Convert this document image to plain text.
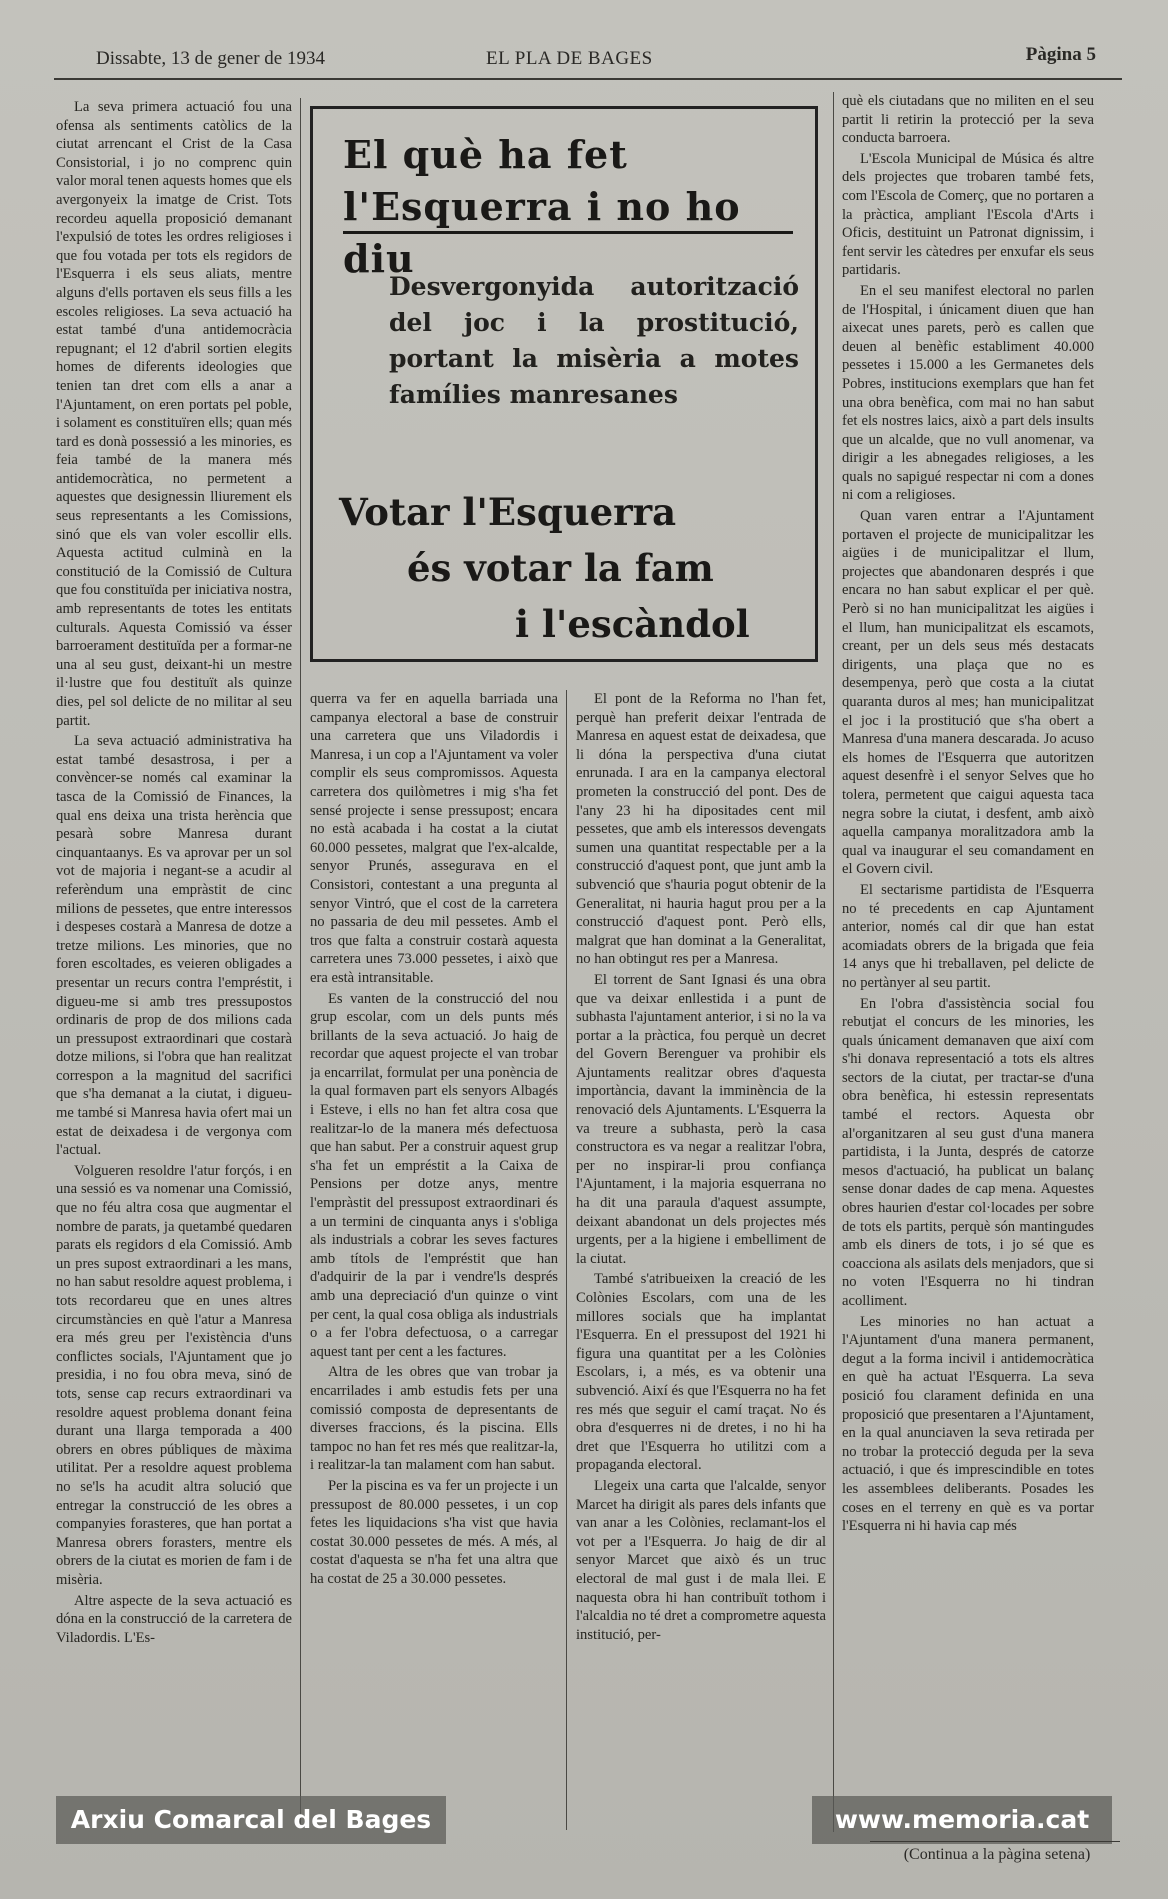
Dissabte, 13 de gener de 1934	EL PLA DE BAGES	Pàgina 5

La seva primera actuació fou una ofensa als sentiments catòlics de la ciutat arrencant el Crist de la Casa Consistorial, i jo no comprenc quin valor moral tenen aquests homes que els avergonyeix la imatge de Crist. Tots recordeu aquella proposició demanant l'expulsió de totes les ordres religioses i que fou votada per tots els regidors de l'Esquerra i els seus aliats, mentre alguns d'ells portaven els seus fills a les escoles religioses. La seva actuació ha estat també d'una antidemocràcia repugnant; el 12 d'abril sortien elegits homes de diferents ideologies que tenien tan dret com ells a anar a l'Ajuntament, on eren portats pel poble, i solament es constituïren ells; quan més tard es donà possessió a les minories, es feia també de la manera més antidemocràtica, no permetent a aquestes que designessin lliurement els seus representants a les Comissions, sinó que els van voler escollir ells. Aquesta actitud culminà en la constitució de la Comissió de Cultura que fou constituïda per iniciativa nostra, amb representants de totes les entitats culturals. Aquesta Comissió va ésser barroerament destituïda per a formar-ne una al seu gust, deixant-hi un mestre il·lustre que fou destituït als quinze dies, pel sol delicte de no militar al seu partit.

La seva actuació administrativa ha estat també desastrosa, i per a convèncer-se només cal examinar la tasca de la Comissió de Finances, la qual ens deixa una trista herència que pesarà sobre Manresa durant cinquantaanys. Es va aprovar per un sol vot de majoria i negant-se a acudir al referèndum una empràstit de cinc milions de pessetes, que entre interessos i despeses costarà a Manresa de dotze a tretze milions. Les minories, que no foren escoltades, es veieren obligades a presentar un recurs contra l'empréstit, i digueu-me si amb tres pressupostos ordinaris de prop de dos milions cada un pressupost extraordinari que costarà dotze milions, si l'obra que han realitzat correspon a la magnitud del sacrifici que s'ha demanat a la ciutat, i digueu-me també si Manresa havia ofert mai un estat de deixadesa i de vergonya com l'actual.

Volgueren resoldre l'atur forçós, i en una sessió es va nomenar una Comissió, que no féu altra cosa que augmentar el nombre de parats, ja quetambé quedaren parats els regidors d ela Comissió. Amb un pres supost extraordinari a les mans, no han sabut resoldre aquest problema, i tots recordareu que en unes altres circumstàncies en què l'atur a Manresa era més greu per l'existència d'uns conflictes socials, l'Ajuntament que jo presidia, i no fou obra meva, sinó de tots, sense cap recurs extraordinari va resoldre aquest problema donant feina durant una llarga temporada a 400 obrers en obres públiques de màxima utilitat. Per a resoldre aquest problema no se'ls ha acudit altra solució que entregar la construcció de les obres a companyies forasteres, que han portat a Manresa obrers forasters, mentre els obrers de la ciutat es morien de fam i de misèria.

Altre aspecte de la seva actuació es dóna en la construcció de la carretera de Viladordis. L'Es-

El què ha fet l'Esquerra i no ho diu
Desvergonyida autorització del joc i la prostitució, portant la misèria a motes famílies manresanes
Votar l'Esquerra
és votar la fam
i l'escàndol

querra va fer en aquella barriada una campanya electoral a base de construir una carretera que uns Viladordis i Manresa, i un cop a l'Ajuntament va voler complir els seus compromissos. Aquesta carretera dos quilòmetres i mig s'ha fet sensé projecte i sense pressupost; encara no està acabada i ha costat a la ciutat 60.000 pessetes, malgrat que l'ex-alcalde, senyor Prunés, assegurava en el Consistori, contestant a una pregunta al senyor Vintró, que el cost de la carretera no passaria de deu mil pessetes. Amb el tros que falta a construir costarà aquesta carretera unes 73.000 pessetes, i això que era està intransitable.

Es vanten de la construcció del nou grup escolar, com un dels punts més brillants de la seva actuació. Jo haig de recordar que aquest projecte el van trobar ja encarrilat, formulat per una ponència de la qual formaven part els senyors Albagés i Esteve, i ells no han fet altra cosa que realitzar-lo de la manera més defectuosa que han sabut. Per a construir aquest grup s'ha fet un empréstit a la Caixa de Pensions per dotze anys, mentre l'empràstit del pressupost extraordinari és a un termini de cinquanta anys i s'obliga als industrials a cobrar les seves factures amb títols de l'empréstit que han d'adquirir de la par i vendre'ls després amb una depreciació d'un quinze o vint per cent, la qual cosa obliga als industrials o a fer l'obra defectuosa, o a carregar aquest tant per cent a les factures.

Altra de les obres que van trobar ja encarrilades i amb estudis fets per una comissió composta de depresentants de diverses fraccions, és la piscina. Ells tampoc no han fet res més que realitzar-la, i realitzar-la tan malament com han sabut.

Per la piscina es va fer un projecte i un pressupost de 80.000 pessetes, i un cop fetes les liquidacions s'ha vist que havia costat 30.000 pessetes de més. A més, al costat d'aquesta se n'ha fet una altra que ha costat de 25 a 30.000 pessetes.

El pont de la Reforma no l'han fet, perquè han preferit deixar l'entrada de Manresa en aquest estat de deixadesa, que li dóna la perspectiva d'una ciutat enrunada. I ara en la campanya electoral prometen la construcció del pont. Des de l'any 23 hi ha dipositades cent mil pessetes, que amb els interessos devengats sumen una quantitat respectable per a la construcció d'aquest pont, que junt amb la subvenció que s'hauria pogut obtenir de la Generalitat, ni hauria hagut prou per a la construcció d'aquest pont. Però ells, malgrat que han dominat a la Generalitat, no han obtingut res per a Manresa.

El torrent de Sant Ignasi és una obra que va deixar enllestida i a punt de subhasta l'ajuntament anterior, i si no la va portar a la pràctica, fou perquè un decret del Govern Berenguer va prohibir els Ajuntaments realitzar obres d'aquesta importància, davant la imminència de la renovació dels Ajuntaments. L'Esquerra la va treure a subhasta, però la casa constructora es va negar a realitzar l'obra, per no inspirar-li prou confiança l'Ajuntament, i la majoria esquerrana no ha dit una paraula d'aquest assumpte, deixant abandonat un dels projectes més urgents, per a la higiene i embelliment de la ciutat.

També s'atribueixen la creació de les Colònies Escolars, com una de les millores socials que ha implantat l'Esquerra. En el pressupost del 1921 hi figura una quantitat per a les Colònies Escolars, i, a més, es va obtenir una subvenció. Així és que l'Esquerra no ha fet res més que seguir el camí traçat. No és obra d'esquerres ni de dretes, i no hi ha dret que l'Esquerra ho utilitzi com a propaganda electoral.

Llegeix una carta que l'alcalde, senyor Marcet ha dirigit als pares dels infants que van anar a les Colònies, reclamant-los el vot per a l'Esquerra. Jo haig de dir al senyor Marcet que això és un truc electoral de mal gust i de mala llei. E naquesta obra hi han contribuït tothom i l'alcaldia no té dret a comprometre aquesta institució, per-

què els ciutadans que no militen en el seu partit li retirin la protecció per la seva conducta barroera.

L'Escola Municipal de Música és altre dels projectes que trobaren també fets, com l'Escola de Comerç, que no portaren a la pràctica, ampliant l'Escola d'Arts i Oficis, destituint un Patronat dignissim, i fent servir les càtedres per enxufar els seus partidaris.

En el seu manifest electoral no parlen de l'Hospital, i únicament diuen que han aixecat unes parets, però es callen que deuen al benèfic establiment 40.000 pessetes i 15.000 a les Germanetes dels Pobres, institucions exemplars que han fet una obra benèfica, com mai no han sabut fet els nostres laics, això a part dels insults que un alcalde, que no vull anomenar, va dirigir a les abnegades religioses, a les quals no sapigué respectar ni com a dones ni com a religioses.

Quan varen entrar a l'Ajuntament portaven el projecte de municipalitzar les aigües i de municipalitzar el llum, projectes que abandonaren després i que encara no han sabut explicar el per què. Però si no han municipalitzat les aigües i el llum, han municipalitzat els escamots, creant, per un dels seus més destacats dirigents, una plaça que no es desempenya, però que costa a la ciutat quaranta duros al mes; han municipalitzat el joc i la prostitució que s'ha obert a Manresa d'una manera descarada. Jo acuso els homes de l'Esquerra que autoritzen aquest desenfrè i el senyor Selves que ho tolera, permetent que caigui aquesta taca negra sobre la ciutat, i desfent, amb això aquella campanya moralitzadora amb la qual va inaugurar el seu comandament en el Govern civil.

El sectarisme partidista de l'Esquerra no té precedents en cap Ajuntament anterior, només cal dir que han estat acomiadats obrers de la brigada que feia 14 anys que hi treballaven, pel delicte de no pertànyer al seu partit.

En l'obra d'assistència social fou rebutjat el concurs de les minories, les quals únicament demanaven que així com s'hi donava representació a tots els altres sectors de la ciutat, per tractar-se d'una obra benèfica, hi estessin representats també el rectors. Aquesta obr al'organitzaren al seu gust d'una manera partidista, i la Junta, després de catorze mesos d'actuació, ha publicat un balanç sense donar dades de cap mena. Aquestes obres haurien d'estar col·locades per sobre de tots els partits, perquè són mantingudes amb els diners de tots, i jo sé que es coacciona als asilats dels menjadors, que si no voten l'Esquerra no hi tindran acolliment.

Les minories no han actuat a l'Ajuntament d'una manera permanent, degut a la forma incivil i antidemocràtica en què ha actuat l'Esquerra. La seva posició fou clarament definida en una proposició que presentaren a l'Ajuntament, en la qual anunciaven la seva retirada per no trobar la protecció deguda per la seva actuació, i que és imprescindible en totes les assemblees deliberants. Posades les coses en el terreny en què es va portar l'Esquerra ni hi havia cap més

Arxiu Comarcal del Bages	www.memoria.cat
(Continua a la pàgina setena)
